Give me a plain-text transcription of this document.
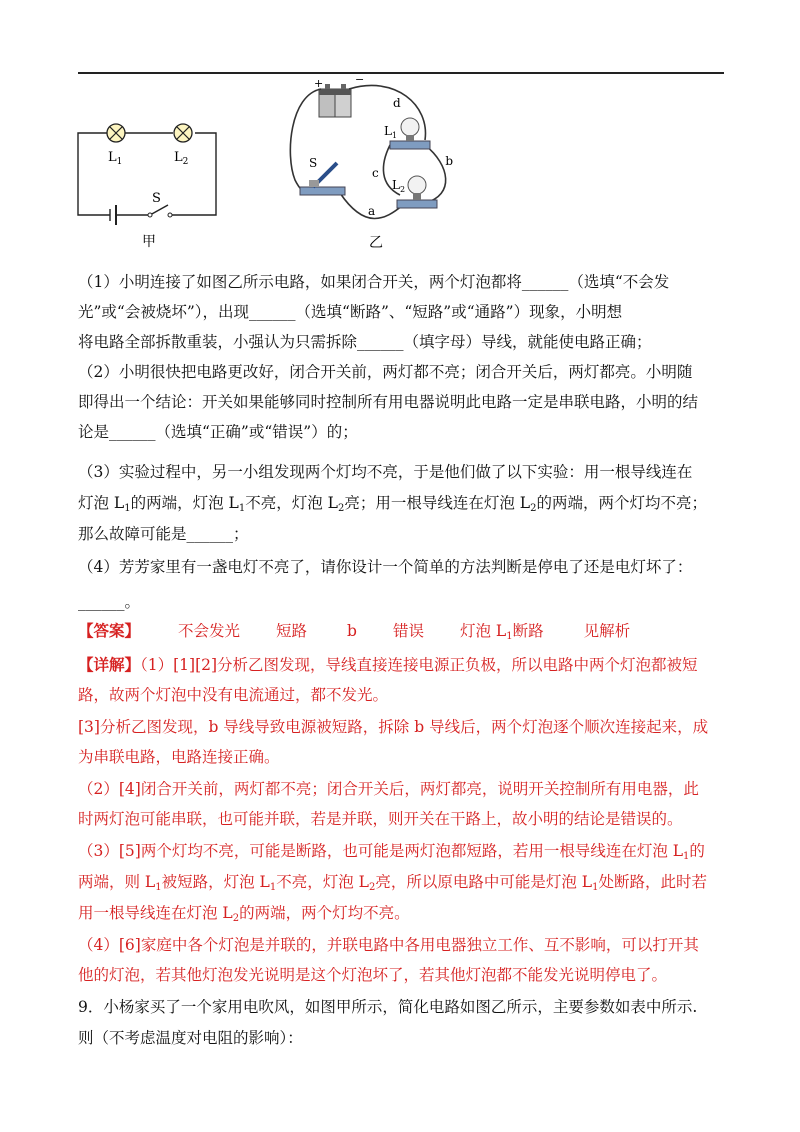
$L_1$	$L_2$
S
甲
+	−
d
$L_1$
b
c
$L_2$
S
a
乙
（1）小明连接了如图乙所示电路，如果闭合开关，两个灯泡都将______（选填“不会发
光”或“会被烧坏”），出现______（选填“断路”、“短路”或“通路”）现象，小明想
将电路全部拆散重装，小强认为只需拆除______（填字母）导线，就能使电路正确；
（2）小明很快把电路更改好，闭合开关前，两灯都不亮；闭合开关后，两灯都亮。小明随
即得出一个结论：开关如果能够同时控制所有用电器说明此电路一定是串联电路，小明的结
论是______（选填“正确”或“错误”）的；
（3）实验过程中，另一小组发现两个灯均不亮，于是他们做了以下实验：用一根导线连在
灯泡 $L_1$的两端，灯泡 $L_1$不亮，灯泡 $L_2$亮；用一根导线连在灯泡 $L_2$的两端，两个灯均不亮；
那么故障可能是______；
（4）芳芳家里有一盏电灯不亮了，请你设计一个简单的方法判断是停电了还是电灯坏了：
______。
【答案】 不会发光 短路	b 错误 灯泡 $L_1$断路	见解析
【详解】（1）[1][2]分析乙图发现，导线直接连接电源正负极，所以电路中两个灯泡都被短
路，故两个灯泡中没有电流通过，都不发光。
[3]分析乙图发现，b 导线导致电源被短路，拆除 b 导线后，两个灯泡逐个顺次连接起来，成
为串联电路，电路连接正确。
（2）[4]闭合开关前，两灯都不亮；闭合开关后，两灯都亮，说明开关控制所有用电器，此
时两灯泡可能串联，也可能并联，若是并联，则开关在干路上，故小明的结论是错误的。
（3）[5]两个灯均不亮，可能是断路，也可能是两灯泡都短路，若用一根导线连在灯泡 $L_1$的
两端，则 $L_1$被短路，灯泡 $L_1$不亮，灯泡 $L_2$亮，所以原电路中可能是灯泡 $L_1$处断路，此时若
用一根导线连在灯泡 $L_2$的两端，两个灯均不亮。
（4）[6]家庭中各个灯泡是并联的，并联电路中各用电器独立工作、互不影响，可以打开其
他的灯泡，若其他灯泡发光说明是这个灯泡坏了，若其他灯泡都不能发光说明停电了。
9．小杨家买了一个家用电吹风，如图甲所示，简化电路如图乙所示，主要参数如表中所示.
则（不考虑温度对电阻的影响）：
